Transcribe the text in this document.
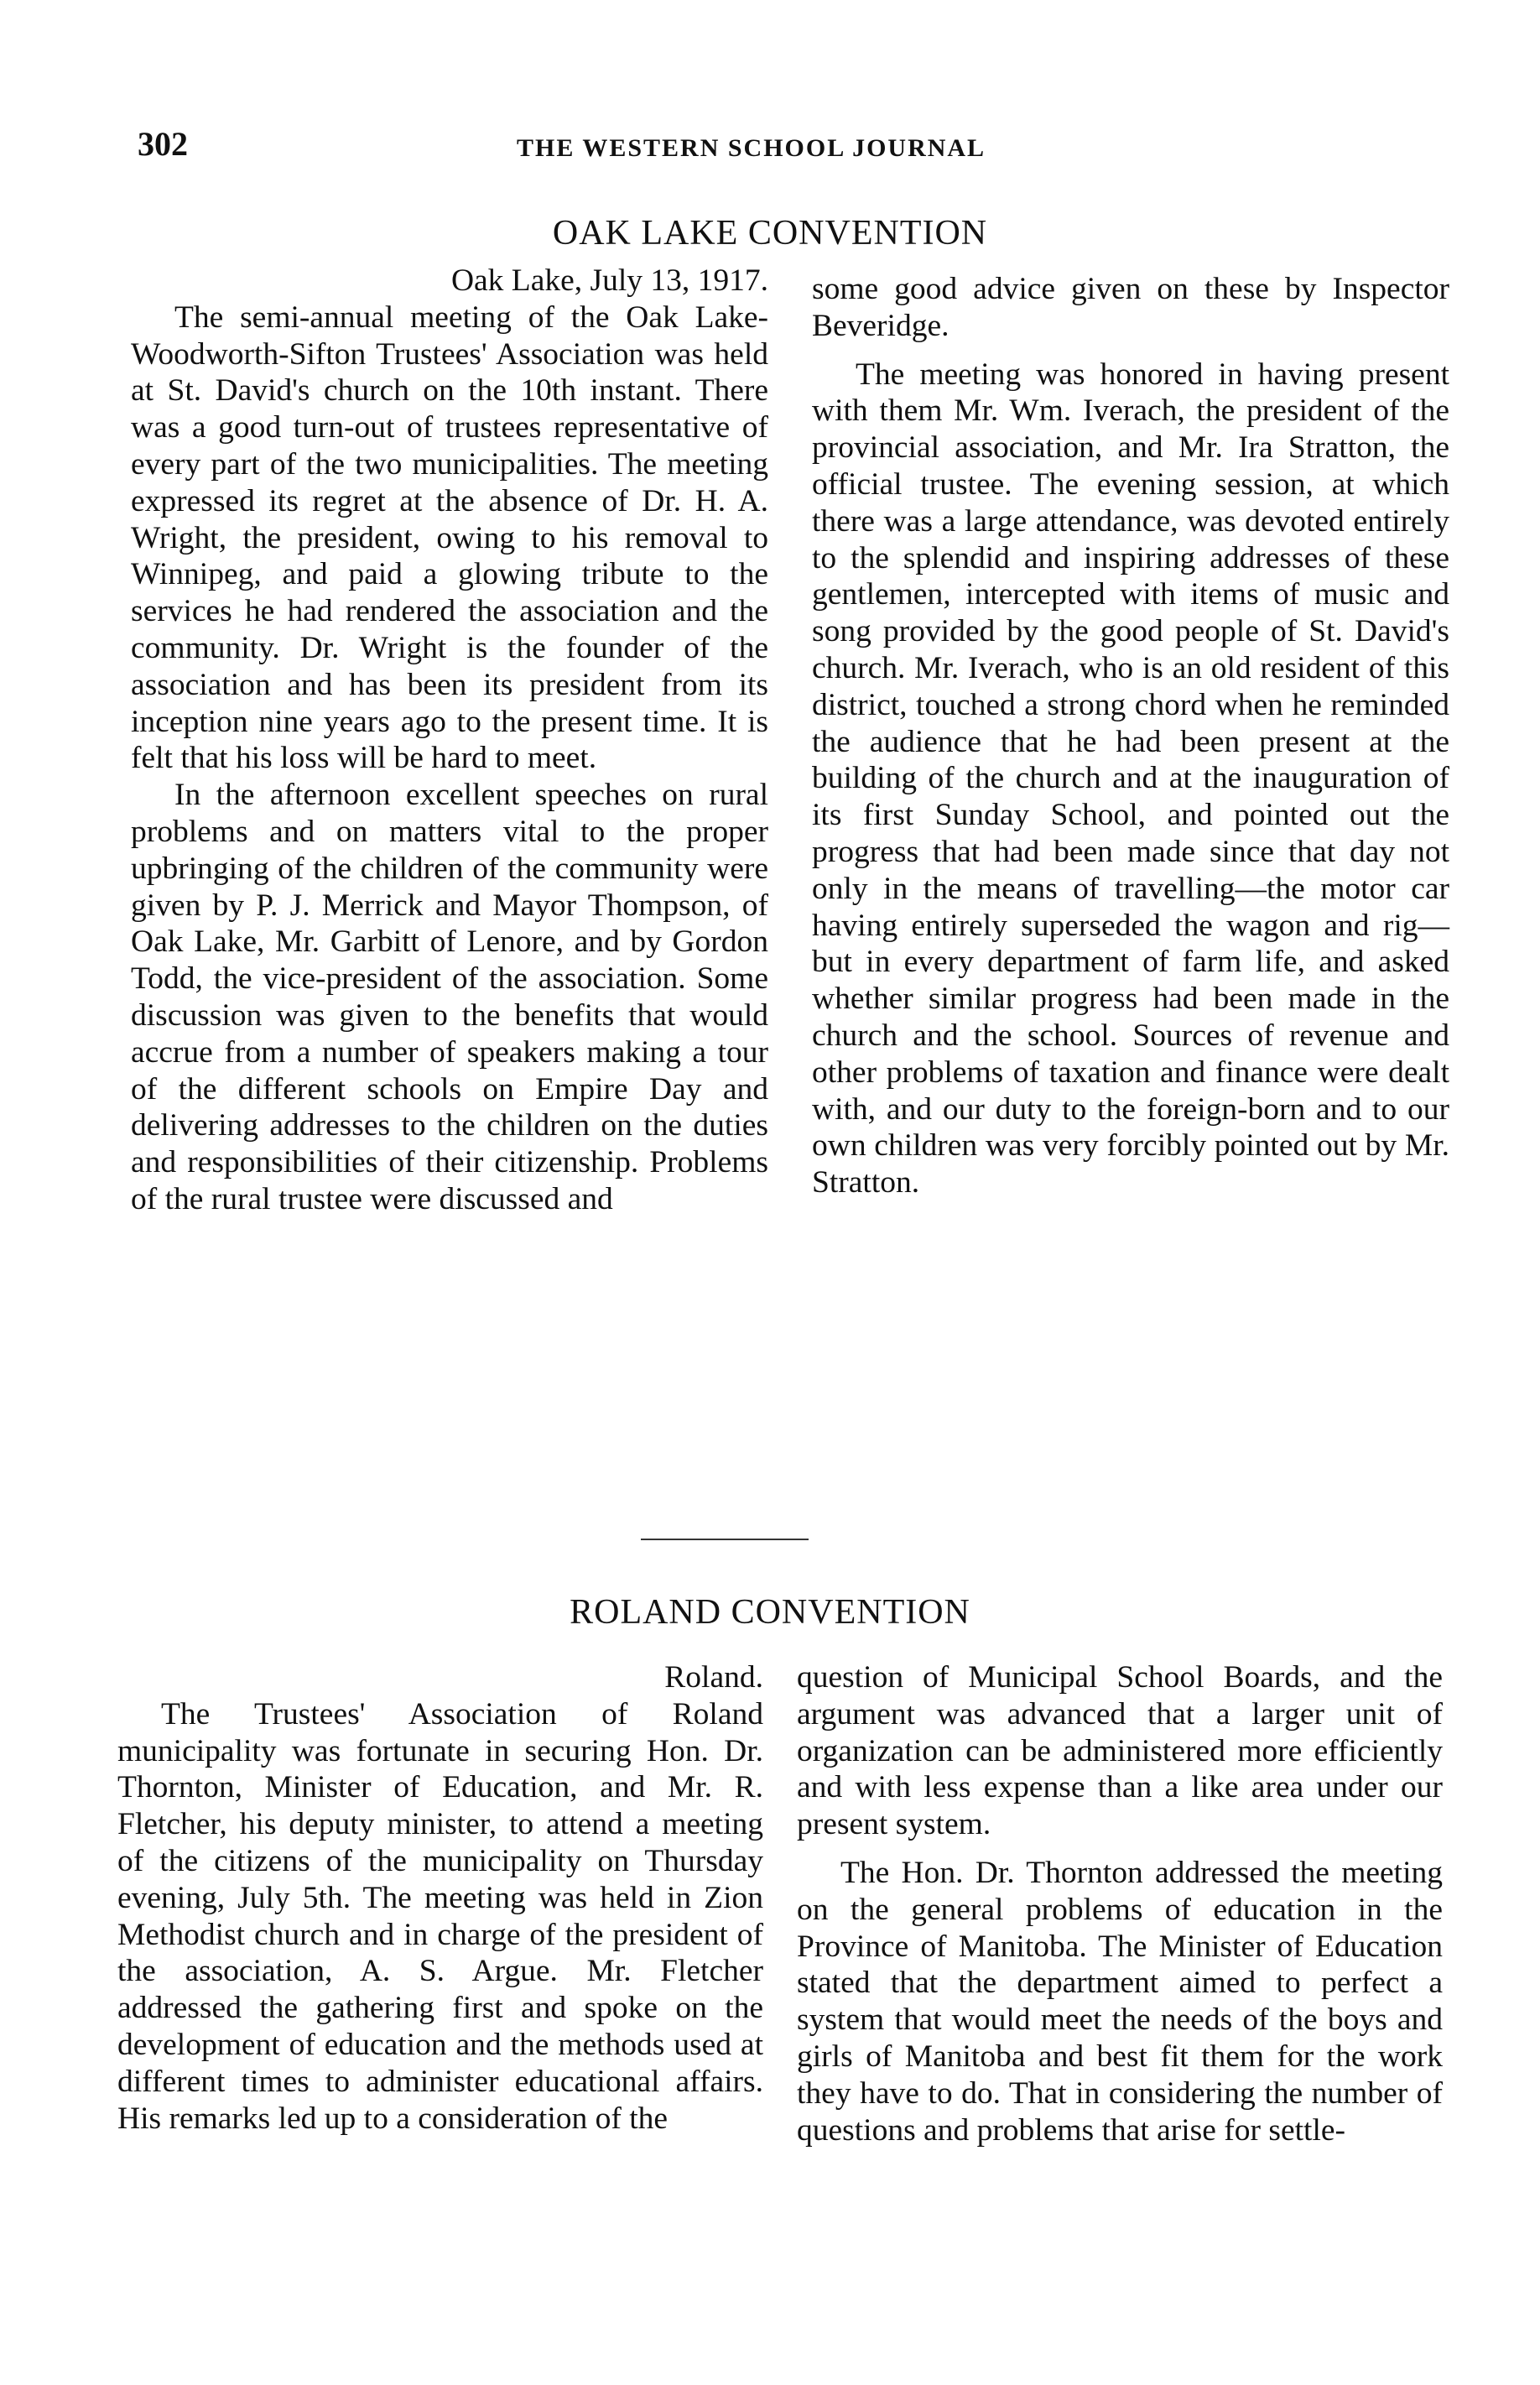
302	THE WESTERN SCHOOL JOURNAL
OAK LAKE CONVENTION
Oak Lake, July 13, 1917.

The semi-annual meeting of the Oak Lake-Woodworth-Sifton Trustees' Association was held at St. David's church on the 10th instant. There was a good turn-out of trustees representative of every part of the two municipalities. The meeting expressed its regret at the absence of Dr. H. A. Wright, the president, owing to his removal to Winnipeg, and paid a glowing tribute to the services he had rendered the association and the community. Dr. Wright is the founder of the association and has been its president from its inception nine years ago to the present time. It is felt that his loss will be hard to meet.

In the afternoon excellent speeches on rural problems and on matters vital to the proper upbringing of the children of the community were given by P. J. Merrick and Mayor Thompson, of Oak Lake, Mr. Garbitt of Lenore, and by Gordon Todd, the vice-president of the association. Some discussion was given to the benefits that would accrue from a number of speakers making a tour of the different schools on Empire Day and delivering addresses to the children on the duties and responsibilities of their citizenship. Problems of the rural trustee were discussed and

some good advice given on these by Inspector Beveridge.

The meeting was honored in having present with them Mr. Wm. Iverach, the president of the provincial association, and Mr. Ira Stratton, the official trustee. The evening session, at which there was a large attendance, was devoted entirely to the splendid and inspiring addresses of these gentlemen, intercepted with items of music and song provided by the good people of St. David's church. Mr. Iverach, who is an old resident of this district, touched a strong chord when he reminded the audience that he had been present at the building of the church and at the inauguration of its first Sunday School, and pointed out the progress that had been made since that day not only in the means of travelling—the motor car having entirely superseded the wagon and rig—but in every department of farm life, and asked whether similar progress had been made in the church and the school. Sources of revenue and other problems of taxation and finance were dealt with, and our duty to the foreign-born and to our own children was very forcibly pointed out by Mr. Stratton.

ROLAND CONVENTION
Roland.

The Trustees' Association of Roland municipality was fortunate in securing Hon. Dr. Thornton, Minister of Education, and Mr. R. Fletcher, his deputy minister, to attend a meeting of the citizens of the municipality on Thursday evening, July 5th. The meeting was held in Zion Methodist church and in charge of the president of the association, A. S. Argue. Mr. Fletcher addressed the gathering first and spoke on the development of education and the methods used at different times to administer educational affairs. His remarks led up to a consideration of the

question of Municipal School Boards, and the argument was advanced that a larger unit of organization can be administered more efficiently and with less expense than a like area under our present system.

The Hon. Dr. Thornton addressed the meeting on the general problems of education in the Province of Manitoba. The Minister of Education stated that the department aimed to perfect a system that would meet the needs of the boys and girls of Manitoba and best fit them for the work they have to do. That in considering the number of questions and problems that arise for settle-
